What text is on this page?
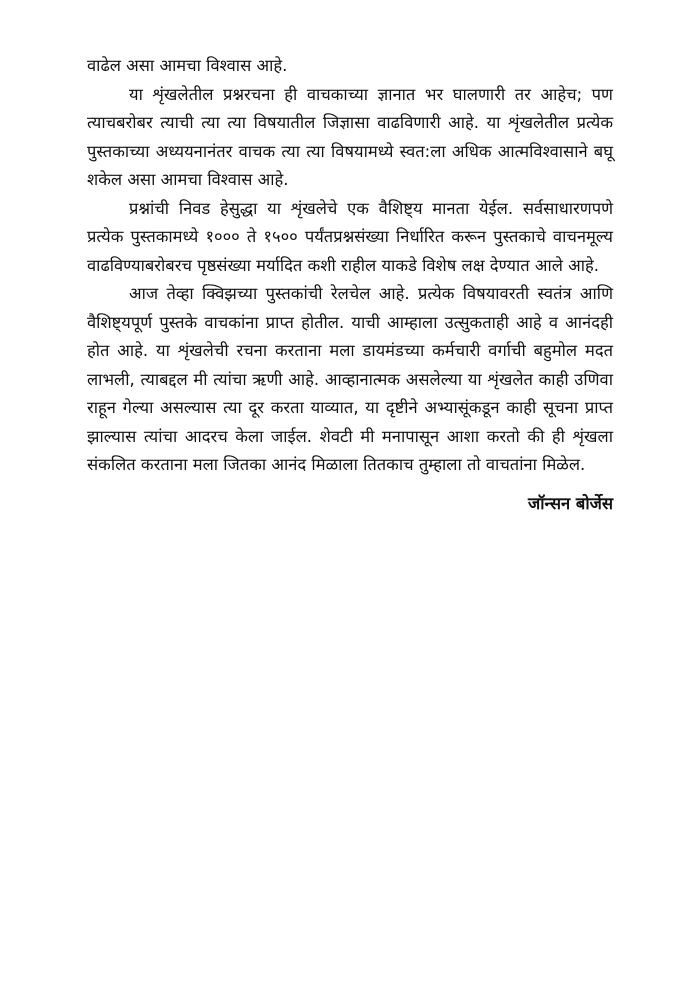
वाढेल असा आमचा विश्वास आहे.

या शृंखलेतील प्रश्नरचना ही वाचकाच्या ज्ञानात भर घालणारी तर आहेच; पण त्याचबरोबर त्याची त्या त्या विषयातील जिज्ञासा वाढविणारी आहे. या शृंखलेतील प्रत्येक पुस्तकाच्या अध्ययनानंतर वाचक त्या त्या विषयामध्ये स्वत:ला अधिक आत्मविश्वासाने बघू शकेल असा आमचा विश्वास आहे.

प्रश्नांची निवड हेसुद्धा या शृंखलेचे एक वैशिष्ट्य मानता येईल. सर्वसाधारणपणे प्रत्येक पुस्तकामध्ये १००० ते १५०० पर्यंतप्रश्नसंख्या निर्धारित करून पुस्तकाचे वाचनमूल्य वाढविण्याबरोबरच पृष्ठसंख्या मर्यादित कशी राहील याकडे विशेष लक्ष देण्यात आले आहे.

आज तेव्हा क्विझच्या पुस्तकांची रेलचेल आहे. प्रत्येक विषयावरती स्वतंत्र आणि वैशिष्ट्यपूर्ण पुस्तके वाचकांना प्राप्त होतील. याची आम्हाला उत्सुकताही आहे व आनंदही होत आहे. या शृंखलेची रचना करताना मला डायमंडच्या कर्मचारी वर्गाची बहुमोल मदत लाभली, त्याबद्दल मी त्यांचा ऋणी आहे. आव्हानात्मक असलेल्या या शृंखलेत काही उणिवा राहून गेल्या असल्यास त्या दूर करता याव्यात, या दृष्टीने अभ्यासूंकडून काही सूचना प्राप्त झाल्यास त्यांचा आदरच केला जाईल. शेवटी मी मनापासून आशा करतो की ही शृंखला संकलित करताना मला जितका आनंद मिळाला तितकाच तुम्हाला तो वाचतांना मिळेल.

जॉन्सन बोर्जेस
